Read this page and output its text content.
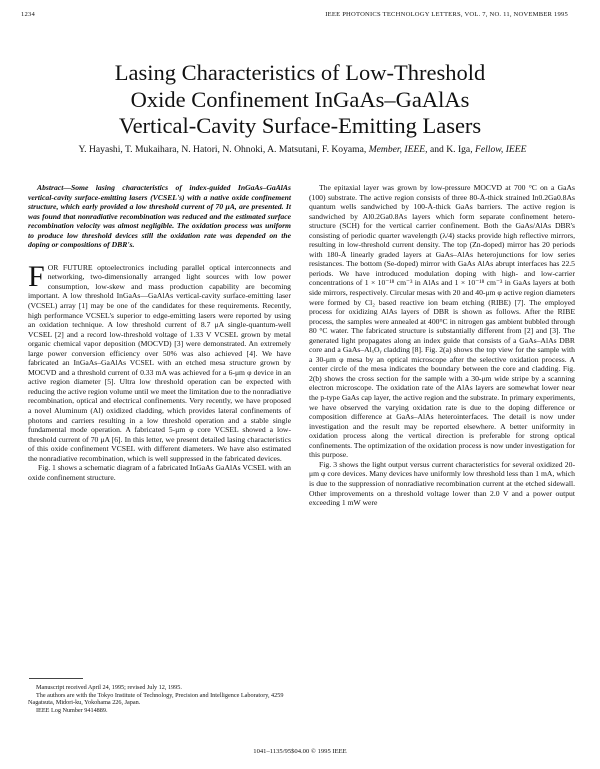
1234	IEEE PHOTONICS TECHNOLOGY LETTERS, VOL. 7, NO. 11, NOVEMBER 1995
Lasing Characteristics of Low-Threshold
Oxide Confinement InGaAs–GaAlAs
Vertical-Cavity Surface-Emitting Lasers
Y. Hayashi, T. Mukaihara, N. Hatori, N. Ohnoki, A. Matsutani, F. Koyama, Member, IEEE, and K. Iga, Fellow, IEEE

Abstract—Some lasing characteristics of index-guided InGaAs–GaAlAs vertical-cavity surface-emitting lasers (VCSEL's) with a native oxide confinement structure, which early provided a low threshold current of 70 μA, are presented. It was found that nonradiative recombination was reduced and the estimated surface recombination velocity was almost negligible. The oxidation process was uniform to produce low threshold devices still the oxidation rate was depended on the doping or compositions of DBR's.

F OR FUTURE optoelectronics including parallel optical interconnects and networking, two-dimensionally arranged light sources with low power consumption, low-skew and mass production capability are becoming important. A low threshold InGaAs—GaAlAs vertical-cavity surface-emitting laser (VCSEL) array [1] may be one of the candidates for these requirements. Recently, high performance VCSEL's superior to edge-emitting lasers were reported by using an oxidation technique. A low threshold current of 8.7 μA single-quantum-well VCSEL [2] and a record low-threshold voltage of 1.33 V VCSEL grown by metal organic chemical vapor deposition (MOCVD) [3] were demonstrated. An extremely large power conversion efficiency over 50% was also achieved [4]. We have fabricated an InGaAs–GaAlAs VCSEL with an etched mesa structure grown by MOCVD and a threshold current of 0.33 mA was achieved for a 6-μm φ device in an active region diameter [5]. Ultra low threshold operation can be expected with reducing the active region volume until we meet the limitation due to the nonradiative recombination, optical and electrical confinements. Very recently, we have proposed a novel Aluminum (Al) oxidized cladding, which provides lateral confinements of photons and carriers resulting in a low threshold operation and a stable single fundamental mode operation. A fabricated 5-μm φ core VCSEL showed a low-threshold current of 70 μA [6]. In this letter, we present detailed lasing characteristics of this oxide confinement VCSEL with different diameters. We have also estimated the nonradiative recombination, which is well suppressed in the fabricated devices.

Fig. 1 shows a schematic diagram of a fabricated InGaAs GaAlAs VCSEL with an oxide confinement structure.

Manuscript received April 24, 1995; revised July 12, 1995.

The authors are with the Tokyo Institute of Technology, Precision and Intelligence Laboratory, 4259 Nagatsuta, Midori-ku, Yokohama 226, Japan.

IEEE Log Number 9414889.

The epitaxial layer was grown by low-pressure MOCVD at 700 °C on a GaAs (100) substrate. The active region consists of three 80-Å-thick strained In0.2Ga0.8As quantum wells sandwiched by 100-Å-thick GaAs barriers. The active region is sandwiched by Al0.2Ga0.8As layers which form separate confinement hetero-structure (SCH) for the vertical carrier confinement. Both the GaAs/AlAs DBR's consisting of periodic quarter wavelength (λ/4) stacks provide high reflective mirrors, resulting in low-threshold current density. The top (Zn-doped) mirror has 20 periods with 180-Å linearly graded layers at GaAs–AlAs heterojunctions for low series resistances. The bottom (Se-doped) mirror with GaAs AlAs abrupt interfaces has 22.5 periods. We have introduced modulation doping with high- and low-carrier concentrations of 1 × 10⁻¹⁸ cm⁻³ in AlAs and 1 × 10⁻¹⁸ cm⁻³ in GaAs layers at both side mirrors, respectively. Circular mesas with 20 and 40-μm φ active region diameters were formed by Cl₂ based reactive ion beam etching (RIBE) [7]. The employed process for oxidizing AlAs layers of DBR is shown as follows. After the RIBE process, the samples were annealed at 400°C in nitrogen gas ambient bubbled through 80 °C water. The fabricated structure is substantially different from [2] and [3]. The generated light propagates along an index guide that consists of a GaAs–AlAs DBR core and a GaAs–AlₓOᵧ cladding [8]. Fig. 2(a) shows the top view for the sample with a 30-μm φ mesa by an optical microscope after the selective oxidation process. A center circle of the mesa indicates the boundary between the core and cladding. Fig. 2(b) shows the cross section for the sample with a 30-μm wide stripe by a scanning electron microscope. The oxidation rate of the AlAs layers are somewhat lower near the p-type GaAs cap layer, the active region and the substrate. In primary experiments, we have observed the varying oxidation rate is due to the doping difference or composition difference at GaAs–AlAs heterointerfaces. The detail is now under investigation and the result may be reported elsewhere. A better uniformity in oxidation process along the vertical direction is preferable for strong optical confinements. The optimization of the oxidation process is now under investigation for this purpose.

Fig. 3 shows the light output versus current characteristics for several oxidized 20-μm φ core devices. Many devices have uniformly low threshold less than 1 mA, which is due to the suppression of nonradiative recombination current at the etched sidewall. Other improvements on a threshold voltage lower than 2.0 V and a power output exceeding 1 mW were

1041–1135/95$04.00 © 1995 IEEE
